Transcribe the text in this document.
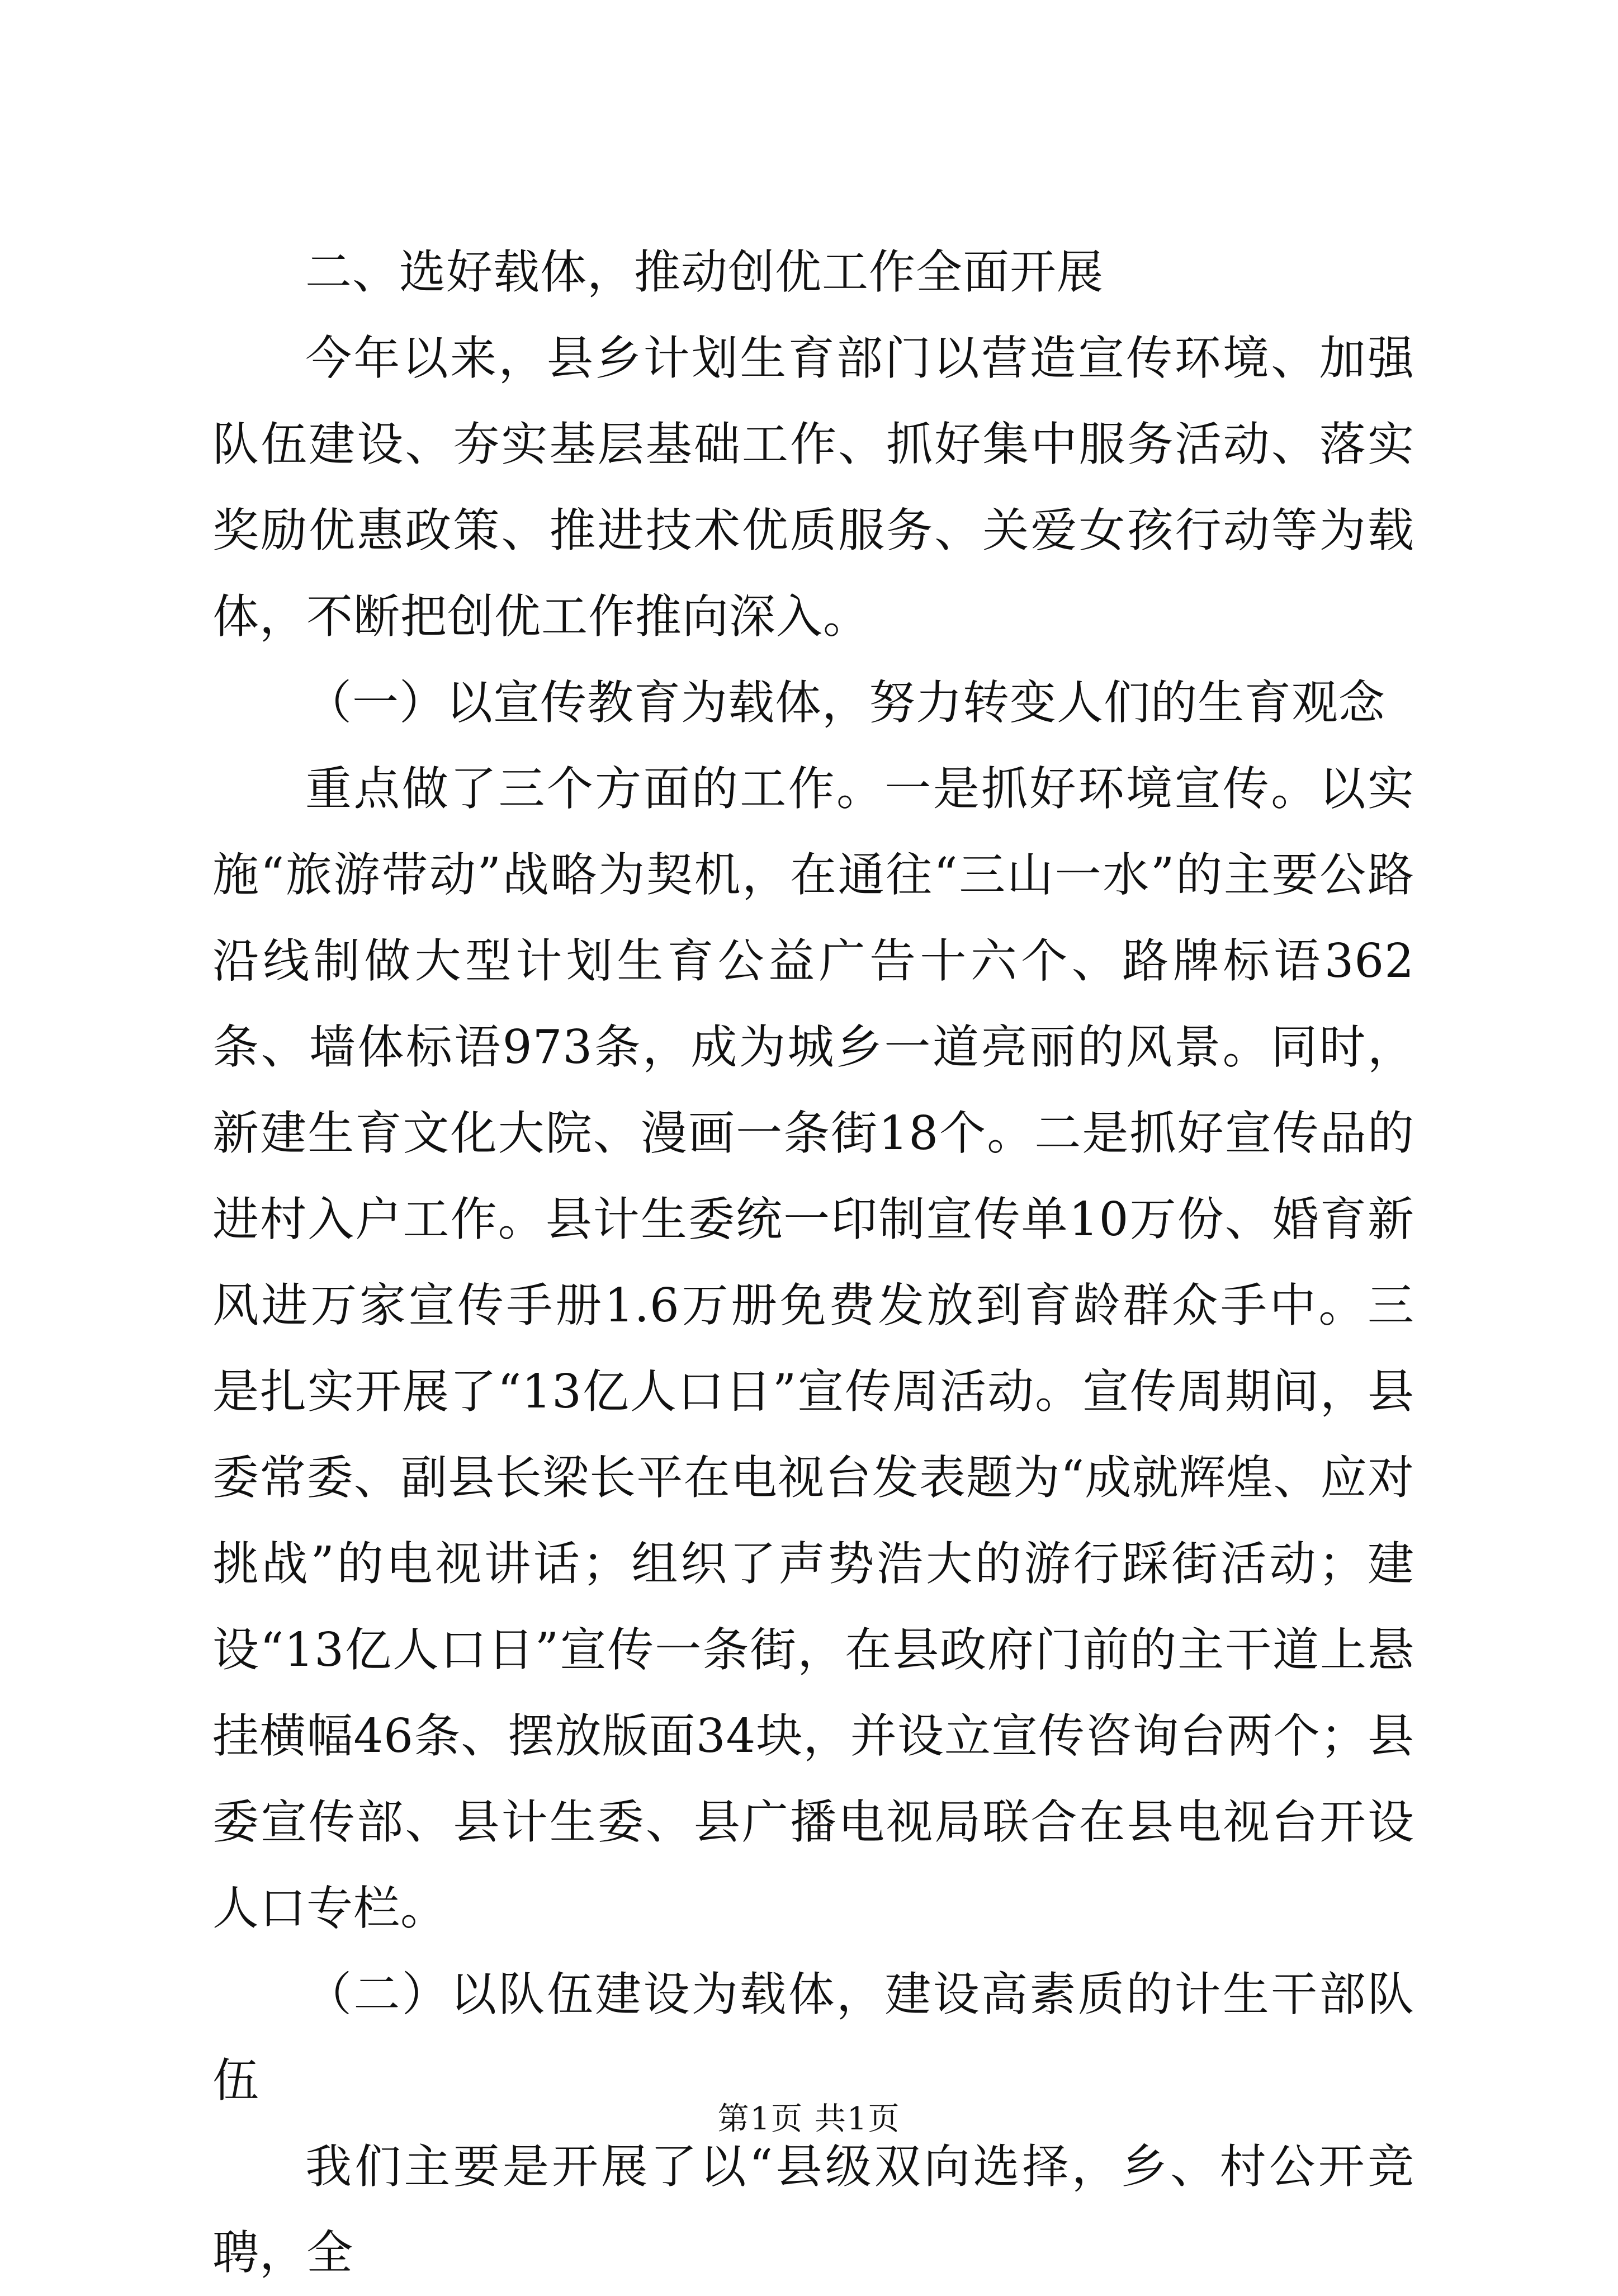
二、选好载体，推动创优工作全面开展

今年以来，县乡计划生育部门以营造宣传环境、加强队伍建设、夯实基层基础工作、抓好集中服务活动、落实奖励优惠政策、推进技术优质服务、关爱女孩行动等为载体，不断把创优工作推向深入。

（一）以宣传教育为载体，努力转变人们的生育观念

重点做了三个方面的工作。一是抓好环境宣传。以实施“旅游带动”战略为契机，在通往“三山一水”的主要公路沿线制做大型计划生育公益广告十六个、路牌标语362条、墙体标语973条，成为城乡一道亮丽的风景。同时，新建生育文化大院、漫画一条街18个。二是抓好宣传品的进村入户工作。县计生委统一印制宣传单10万份、婚育新风进万家宣传手册1.6万册免费发放到育龄群众手中。三是扎实开展了“13亿人口日”宣传周活动。宣传周期间，县委常委、副县长梁长平在电视台发表题为“成就辉煌、应对挑战”的电视讲话；组织了声势浩大的游行踩街活动；建设“13亿人口日”宣传一条街，在县政府门前的主干道上悬挂横幅46条、摆放版面34块，并设立宣传咨询台两个；县委宣传部、县计生委、县广播电视局联合在县电视台开设人口专栏。

（二）以队伍建设为载体，建设高素质的计生干部队伍

我们主要是开展了以“县级双向选择，乡、村公开竞聘，全

第1页 共1页
